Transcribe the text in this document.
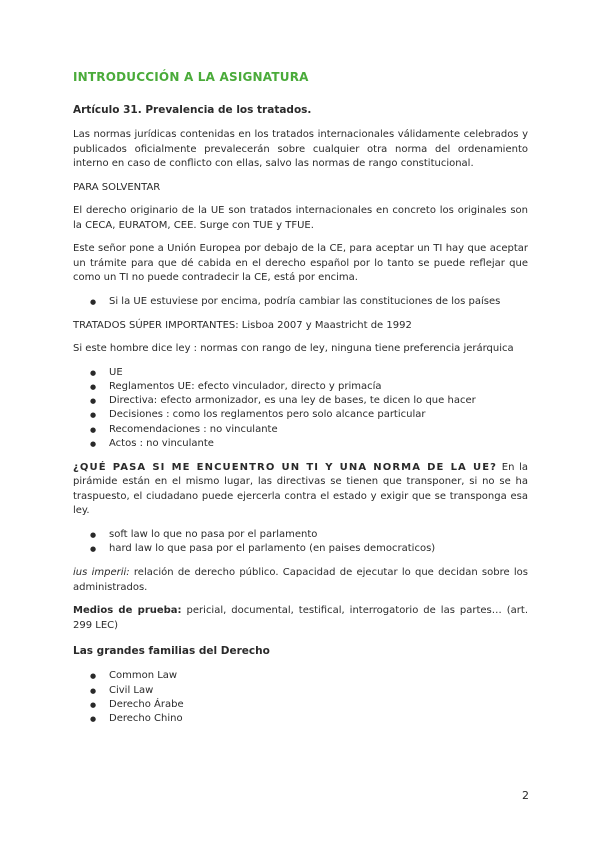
INTRODUCCIÓN A LA ASIGNATURA
Artículo 31. Prevalencia de los tratados.

Las normas jurídicas contenidas en los tratados internacionales válidamente celebrados y publicados oficialmente prevalecerán sobre cualquier otra norma del ordenamiento interno en caso de conflicto con ellas, salvo las normas de rango constitucional.

PARA SOLVENTAR

El derecho originario de la UE son tratados internacionales en concreto los originales son la CECA, EURATOM, CEE. Surge con TUE y TFUE.

Este señor pone a Unión Europea por debajo de la CE, para aceptar un TI hay que aceptar un trámite para que dé cabida en el derecho español por lo tanto se puede reflejar que como un TI no puede contradecir la CE, está por encima.

● Si la UE estuviese por encima, podría cambiar las constituciones de los países

TRATADOS SÚPER IMPORTANTES: Lisboa 2007 y Maastricht de 1992

Si este hombre dice ley : normas con rango de ley, ninguna tiene preferencia jerárquica

● UE
● Reglamentos UE: efecto vinculador, directo y primacía
● Directiva: efecto armonizador, es una ley de bases, te dicen lo que hacer
● Decisiones : como los reglamentos pero solo alcance particular
● Recomendaciones : no vinculante
● Actos : no vinculante

¿QUÉ PASA SI ME ENCUENTRO UN TI Y UNA NORMA DE LA UE? En la pirámide están en el mismo lugar, las directivas se tienen que transponer, si no se ha traspuesto, el ciudadano puede ejercerla contra el estado y exigir que se transponga esa ley.

● soft law lo que no pasa por el parlamento
● hard law lo que pasa por el parlamento (en paises democraticos)

ius imperii: relación de derecho público. Capacidad de ejecutar lo que decidan sobre los administrados.

Medios de prueba: pericial, documental, testifical, interrogatorio de las partes… (art. 299 LEC)

Las grandes familias del Derecho
● Common Law
● Civil Law
● Derecho Árabe
● Derecho Chino
2
